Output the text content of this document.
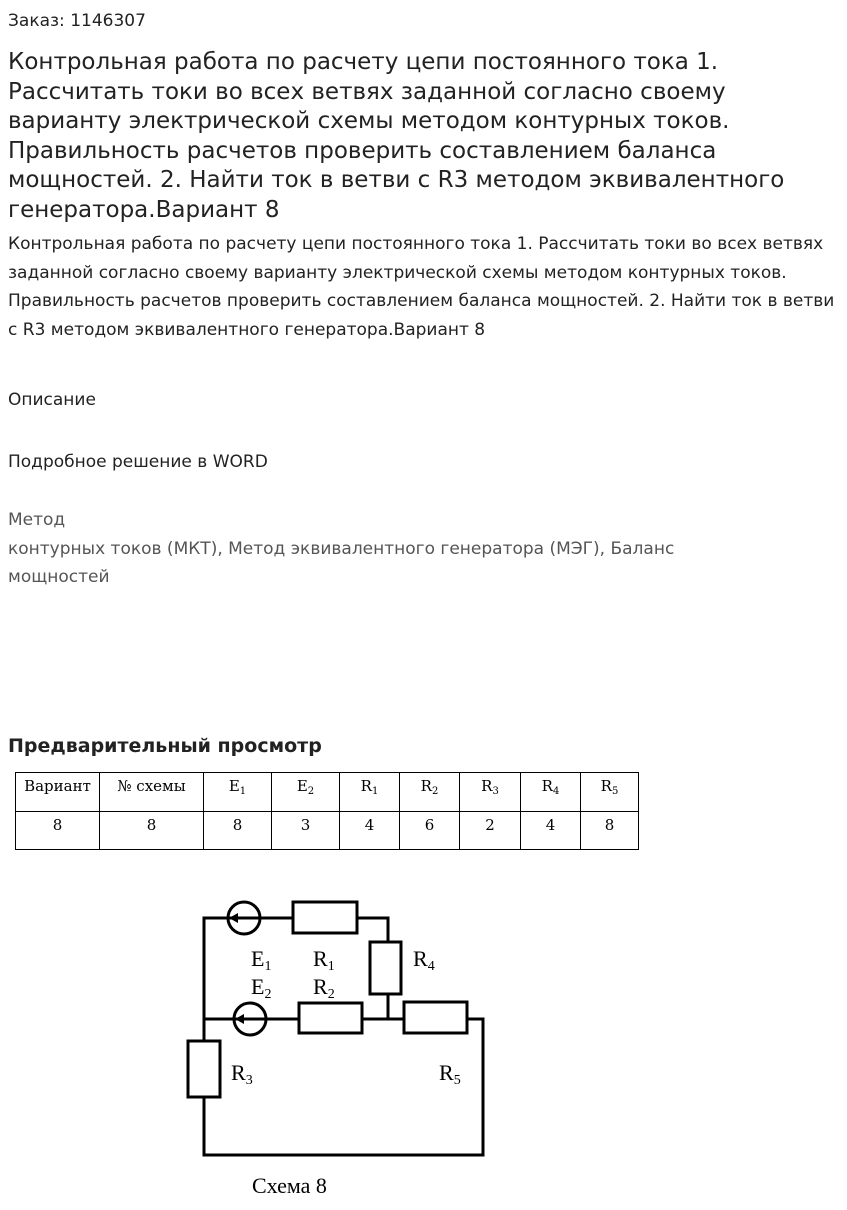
Заказ: 1146307
Контрольная работа по расчету цепи постоянного тока 1. Рассчитать токи во всех ветвях заданной согласно своему варианту электрической схемы методом контурных токов. Правильность расчетов проверить составлением баланса мощностей. 2. Найти ток в ветви с R3 методом эквивалентного генератора.Вариант 8

Контрольная работа по расчету цепи постоянного тока 1. Рассчитать токи во всех ветвях заданной согласно своему варианту электрической схемы методом контурных токов. Правильность расчетов проверить составлением баланса мощностей. 2. Найти ток в ветви с R3 методом эквивалентного генератора.Вариант 8

Описание
Подробное решение в WORD
Метод
контурных токов (МКТ), Метод эквивалентного генератора (МЭГ), Баланс
мощностей
Предварительный просмотр
Вариант	№ схемы	$E_1$	$E_2$	$R_1$	$R_2$	$R_3$	$R_4$	$R_5$
8	8	8	3	4	6	2	4	8
E1 R1	R4
E2 R2
R3	R5
Схема 8
